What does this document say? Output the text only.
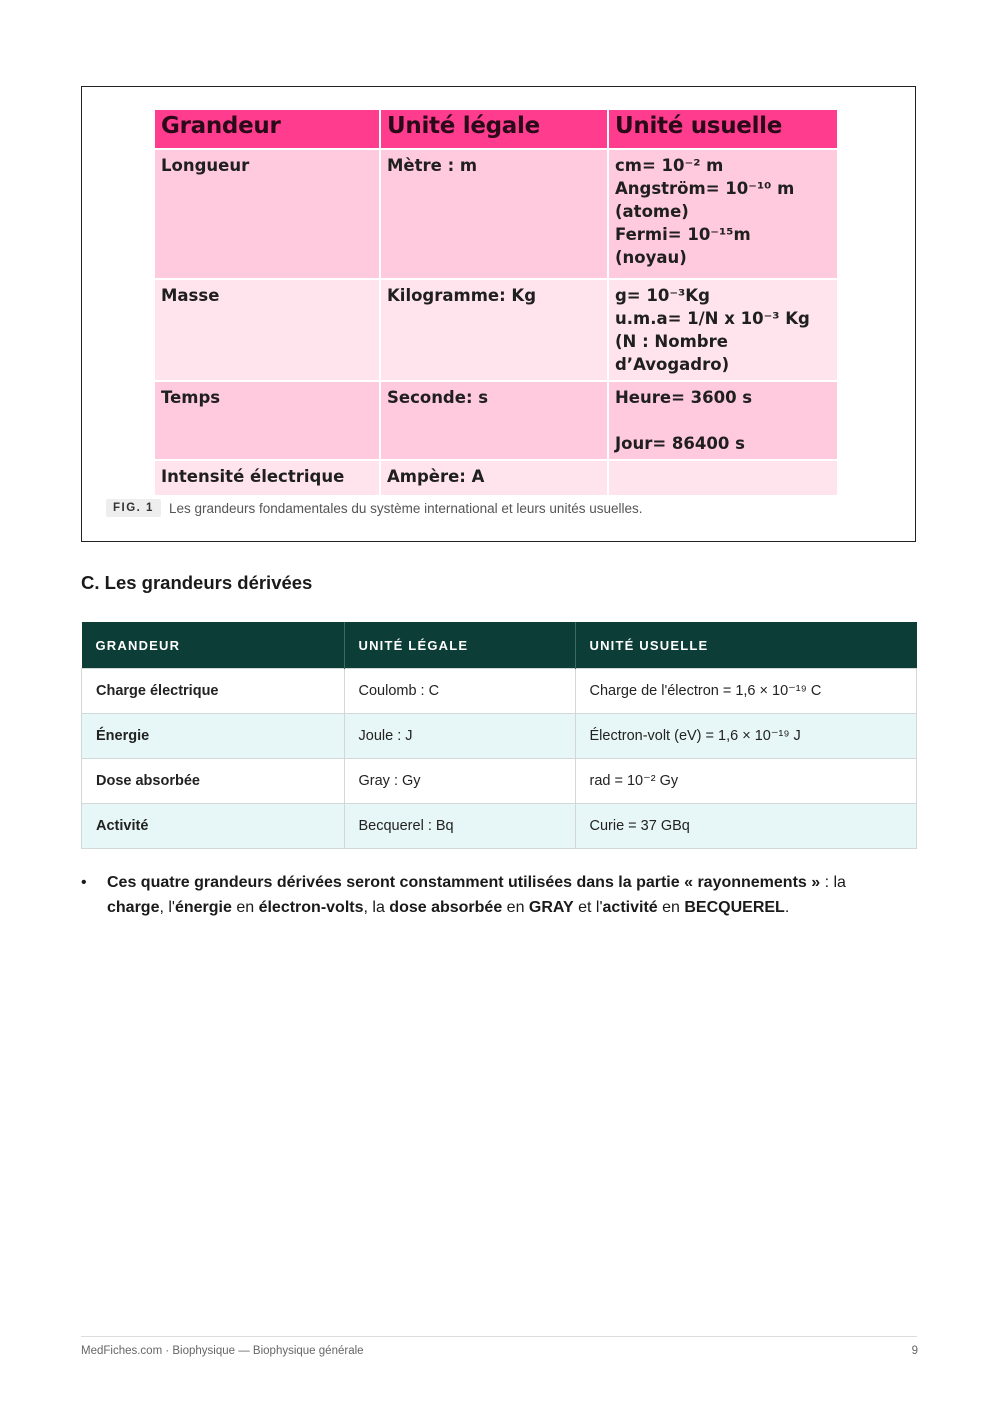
Grandeur	Unité légale	Unité usuelle
Longueur	Mètre : m	cm= 10⁻² m
Angström= 10⁻¹⁰ m
(atome)
Fermi= 10⁻¹⁵m
(noyau)

Masse	Kilogramme: Kg	g= 10⁻³Kg
u.m.a= 1/N x 10⁻³ Kg
(N : Nombre d’Avogadro)

Temps	Seconde: s	Heure= 3600 s
Jour= 86400 s

Intensité électrique	Ampère: A	
FIG. 1	Les grandeurs fondamentales du système international et leurs unités usuelles.
C. Les grandeurs dérivées
GRANDEUR	UNITÉ LÉGALE	UNITÉ USUELLE
Charge électrique	Coulomb : C	Charge de l'électron = 1,6 × 10⁻¹⁹ C
Énergie	Joule : J	Électron-volt (eV) = 1,6 × 10⁻¹⁹ J
Dose absorbée	Gray : Gy	rad = 10⁻² Gy
Activité	Becquerel : Bq	Curie = 37 GBq
• Ces quatre grandeurs dérivées seront constamment utilisées dans la partie « rayonnements » : la charge, l'énergie en électron-volts, la dose absorbée en GRAY et l'activité en BECQUEREL.
MedFiches.com · Biophysique — Biophysique générale	9
